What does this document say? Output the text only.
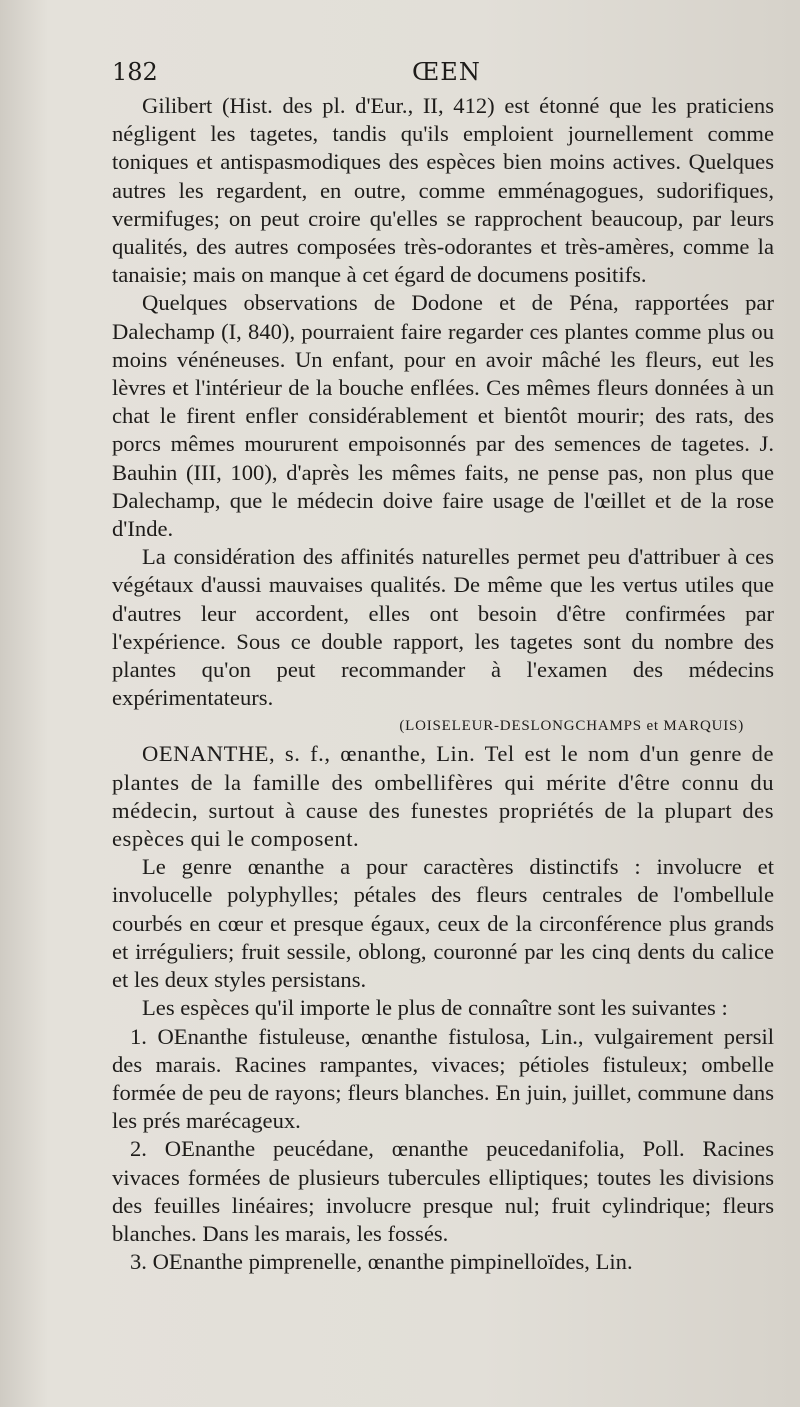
182	ŒEN

Gilibert (Hist. des pl. d'Eur., II, 412) est étonné que les praticiens négligent les tagetes, tandis qu'ils emploient journellement comme toniques et antispasmodiques des espèces bien moins actives. Quelques autres les regardent, en outre, comme emménagogues, sudorifiques, vermifuges; on peut croire qu'elles se rapprochent beaucoup, par leurs qualités, des autres composées très-odorantes et très-amères, comme la tanaisie; mais on manque à cet égard de documens positifs.

Quelques observations de Dodone et de Péna, rapportées par Dalechamp (I, 840), pourraient faire regarder ces plantes comme plus ou moins vénéneuses. Un enfant, pour en avoir mâché les fleurs, eut les lèvres et l'intérieur de la bouche enflées. Ces mêmes fleurs données à un chat le firent enfler considérablement et bientôt mourir; des rats, des porcs mêmes moururent empoisonnés par des semences de tagetes. J. Bauhin (III, 100), d'après les mêmes faits, ne pense pas, non plus que Dalechamp, que le médecin doive faire usage de l'œillet et de la rose d'Inde.

La considération des affinités naturelles permet peu d'attribuer à ces végétaux d'aussi mauvaises qualités. De même que les vertus utiles que d'autres leur accordent, elles ont besoin d'être confirmées par l'expérience. Sous ce double rapport, les tagetes sont du nombre des plantes qu'on peut recommander à l'examen des médecins expérimentateurs.

(LOISELEUR-DESLONGCHAMPS et MARQUIS)

OENANTHE, s. f., œnanthe, Lin. Tel est le nom d'un genre de plantes de la famille des ombellifères qui mérite d'être connu du médecin, surtout à cause des funestes propriétés de la plupart des espèces qui le composent.

Le genre œnanthe a pour caractères distinctifs : involucre et involucelle polyphylles; pétales des fleurs centrales de l'ombellule courbés en cœur et presque égaux, ceux de la circonférence plus grands et irréguliers; fruit sessile, oblong, couronné par les cinq dents du calice et les deux styles persistans.

Les espèces qu'il importe le plus de connaître sont les suivantes :

1. OEnanthe fistuleuse, œnanthe fistulosa, Lin., vulgairement persil des marais. Racines rampantes, vivaces; pétioles fistuleux; ombelle formée de peu de rayons; fleurs blanches. En juin, juillet, commune dans les prés marécageux.

2. OEnanthe peucédane, œnanthe peucedanifolia, Poll. Racines vivaces formées de plusieurs tubercules elliptiques; toutes les divisions des feuilles linéaires; involucre presque nul; fruit cylindrique; fleurs blanches. Dans les marais, les fossés.

3. OEnanthe pimprenelle, œnanthe pimpinelloïdes, Lin.
